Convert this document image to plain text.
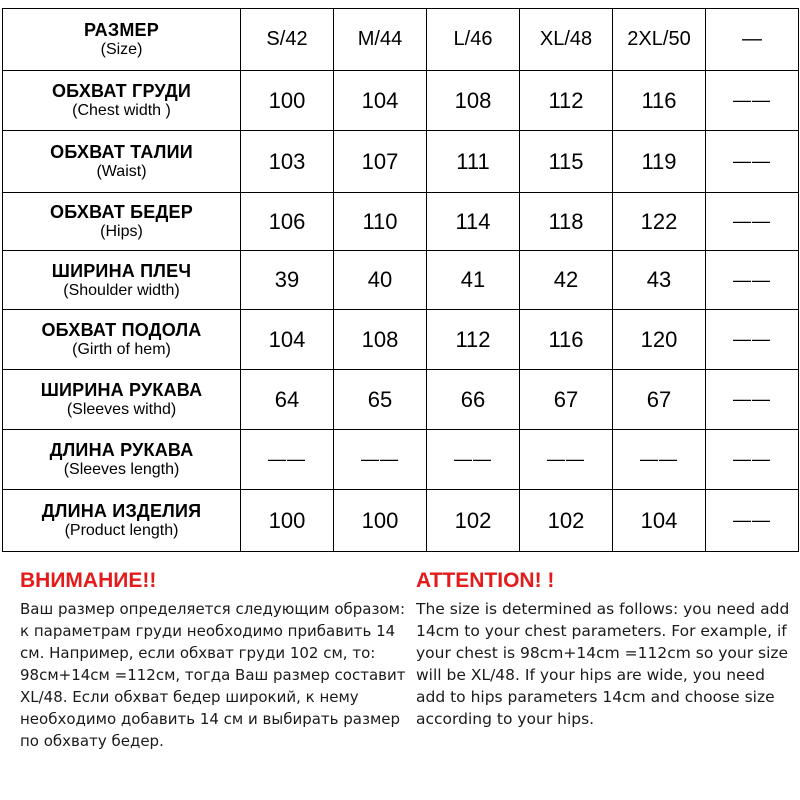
РАЗМЕР
(Size)	S/42	M/44	L/46	XL/48	2XL/50	—

ОБХВАТ ГРУДИ
(Chest width )	100	104	108	112	116	——

ОБХВАТ ТАЛИИ
(Waist)	103	107	111	115	119	——

ОБХВАТ БЕДЕР
(Hips)	106	110	114	118	122	——

ШИРИНА ПЛЕЧ
(Shoulder width)	39	40	41	42	43	——

ОБХВАТ ПОДОЛА
(Girth of hem)	104	108	112	116	120	——

ШИРИНА РУКАВА
(Sleeves withd)	64	65	66	67	67	——

ДЛИНА РУКАВА
(Sleeves length)	——	——	——	——	——	——

ДЛИНА ИЗДЕЛИЯ
(Product length)	100	100	102	102	104	——

ВНИМАНИЕ!!

Ваш размер определяется следующим образом: к параметрам груди необходимо прибавить 14 см. Например, если обхват груди 102 см, то: 98см+14см =112см, тогда Ваш размер составит XL/48. Если обхват бедер широкий, к нему необходимо добавить 14 см и выбирать размер по обхвату бедер.

ATTENTION! !

The size is determined as follows: you need add 14cm to your chest parameters. For example, if your chest is 98cm+14cm =112cm so your size will be XL/48. If your hips are wide, you need add to hips parameters 14cm and choose size according to your hips.
